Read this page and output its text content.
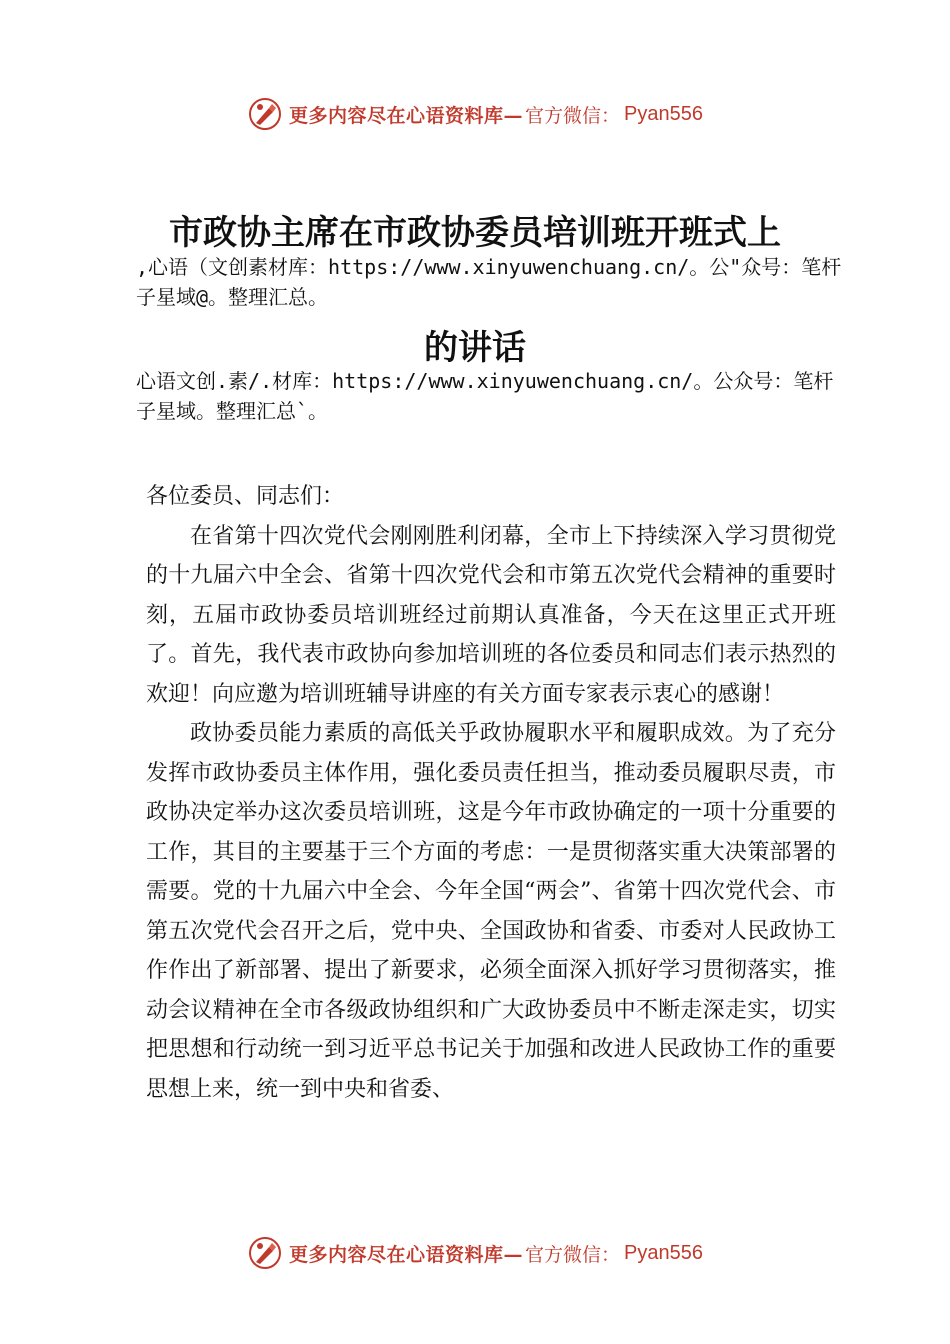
更多内容尽在心语资料库— 官方微信： Pyan556
市政协主席在市政协委员培训班开班式上

,心语（文创素材库：https://www.xinyuwenchuang.cn/。公"众号：笔杆子星域@。整理汇总。

的讲话

心语文创.素/.材库：https://www.xinyuwenchuang.cn/。公众号：笔杆子星域。整理汇总`。

各位委员、同志们：

在省第十四次党代会刚刚胜利闭幕，全市上下持续深入学习贯彻党的十九届六中全会、省第十四次党代会和市第五次党代会精神的重要时刻，五届市政协委员培训班经过前期认真准备，今天在这里正式开班了。首先，我代表市政协向参加培训班的各位委员和同志们表示热烈的欢迎！向应邀为培训班辅导讲座的有关方面专家表示衷心的感谢！

政协委员能力素质的高低关乎政协履职水平和履职成效。为了充分发挥市政协委员主体作用，强化委员责任担当，推动委员履职尽责，市政协决定举办这次委员培训班，这是今年市政协确定的一项十分重要的工作，其目的主要基于三个方面的考虑：一是贯彻落实重大决策部署的需要。党的十九届六中全会、今年全国“两会”、省第十四次党代会、市第五次党代会召开之后，党中央、全国政协和省委、市委对人民政协工作作出了新部署、提出了新要求，必须全面深入抓好学习贯彻落实，推动会议精神在全市各级政协组织和广大政协委员中不断走深走实，切实把思想和行动统一到习近平总书记关于加强和改进人民政协工作的重要思想上来，统一到中央和省委、

更多内容尽在心语资料库— 官方微信： Pyan556
